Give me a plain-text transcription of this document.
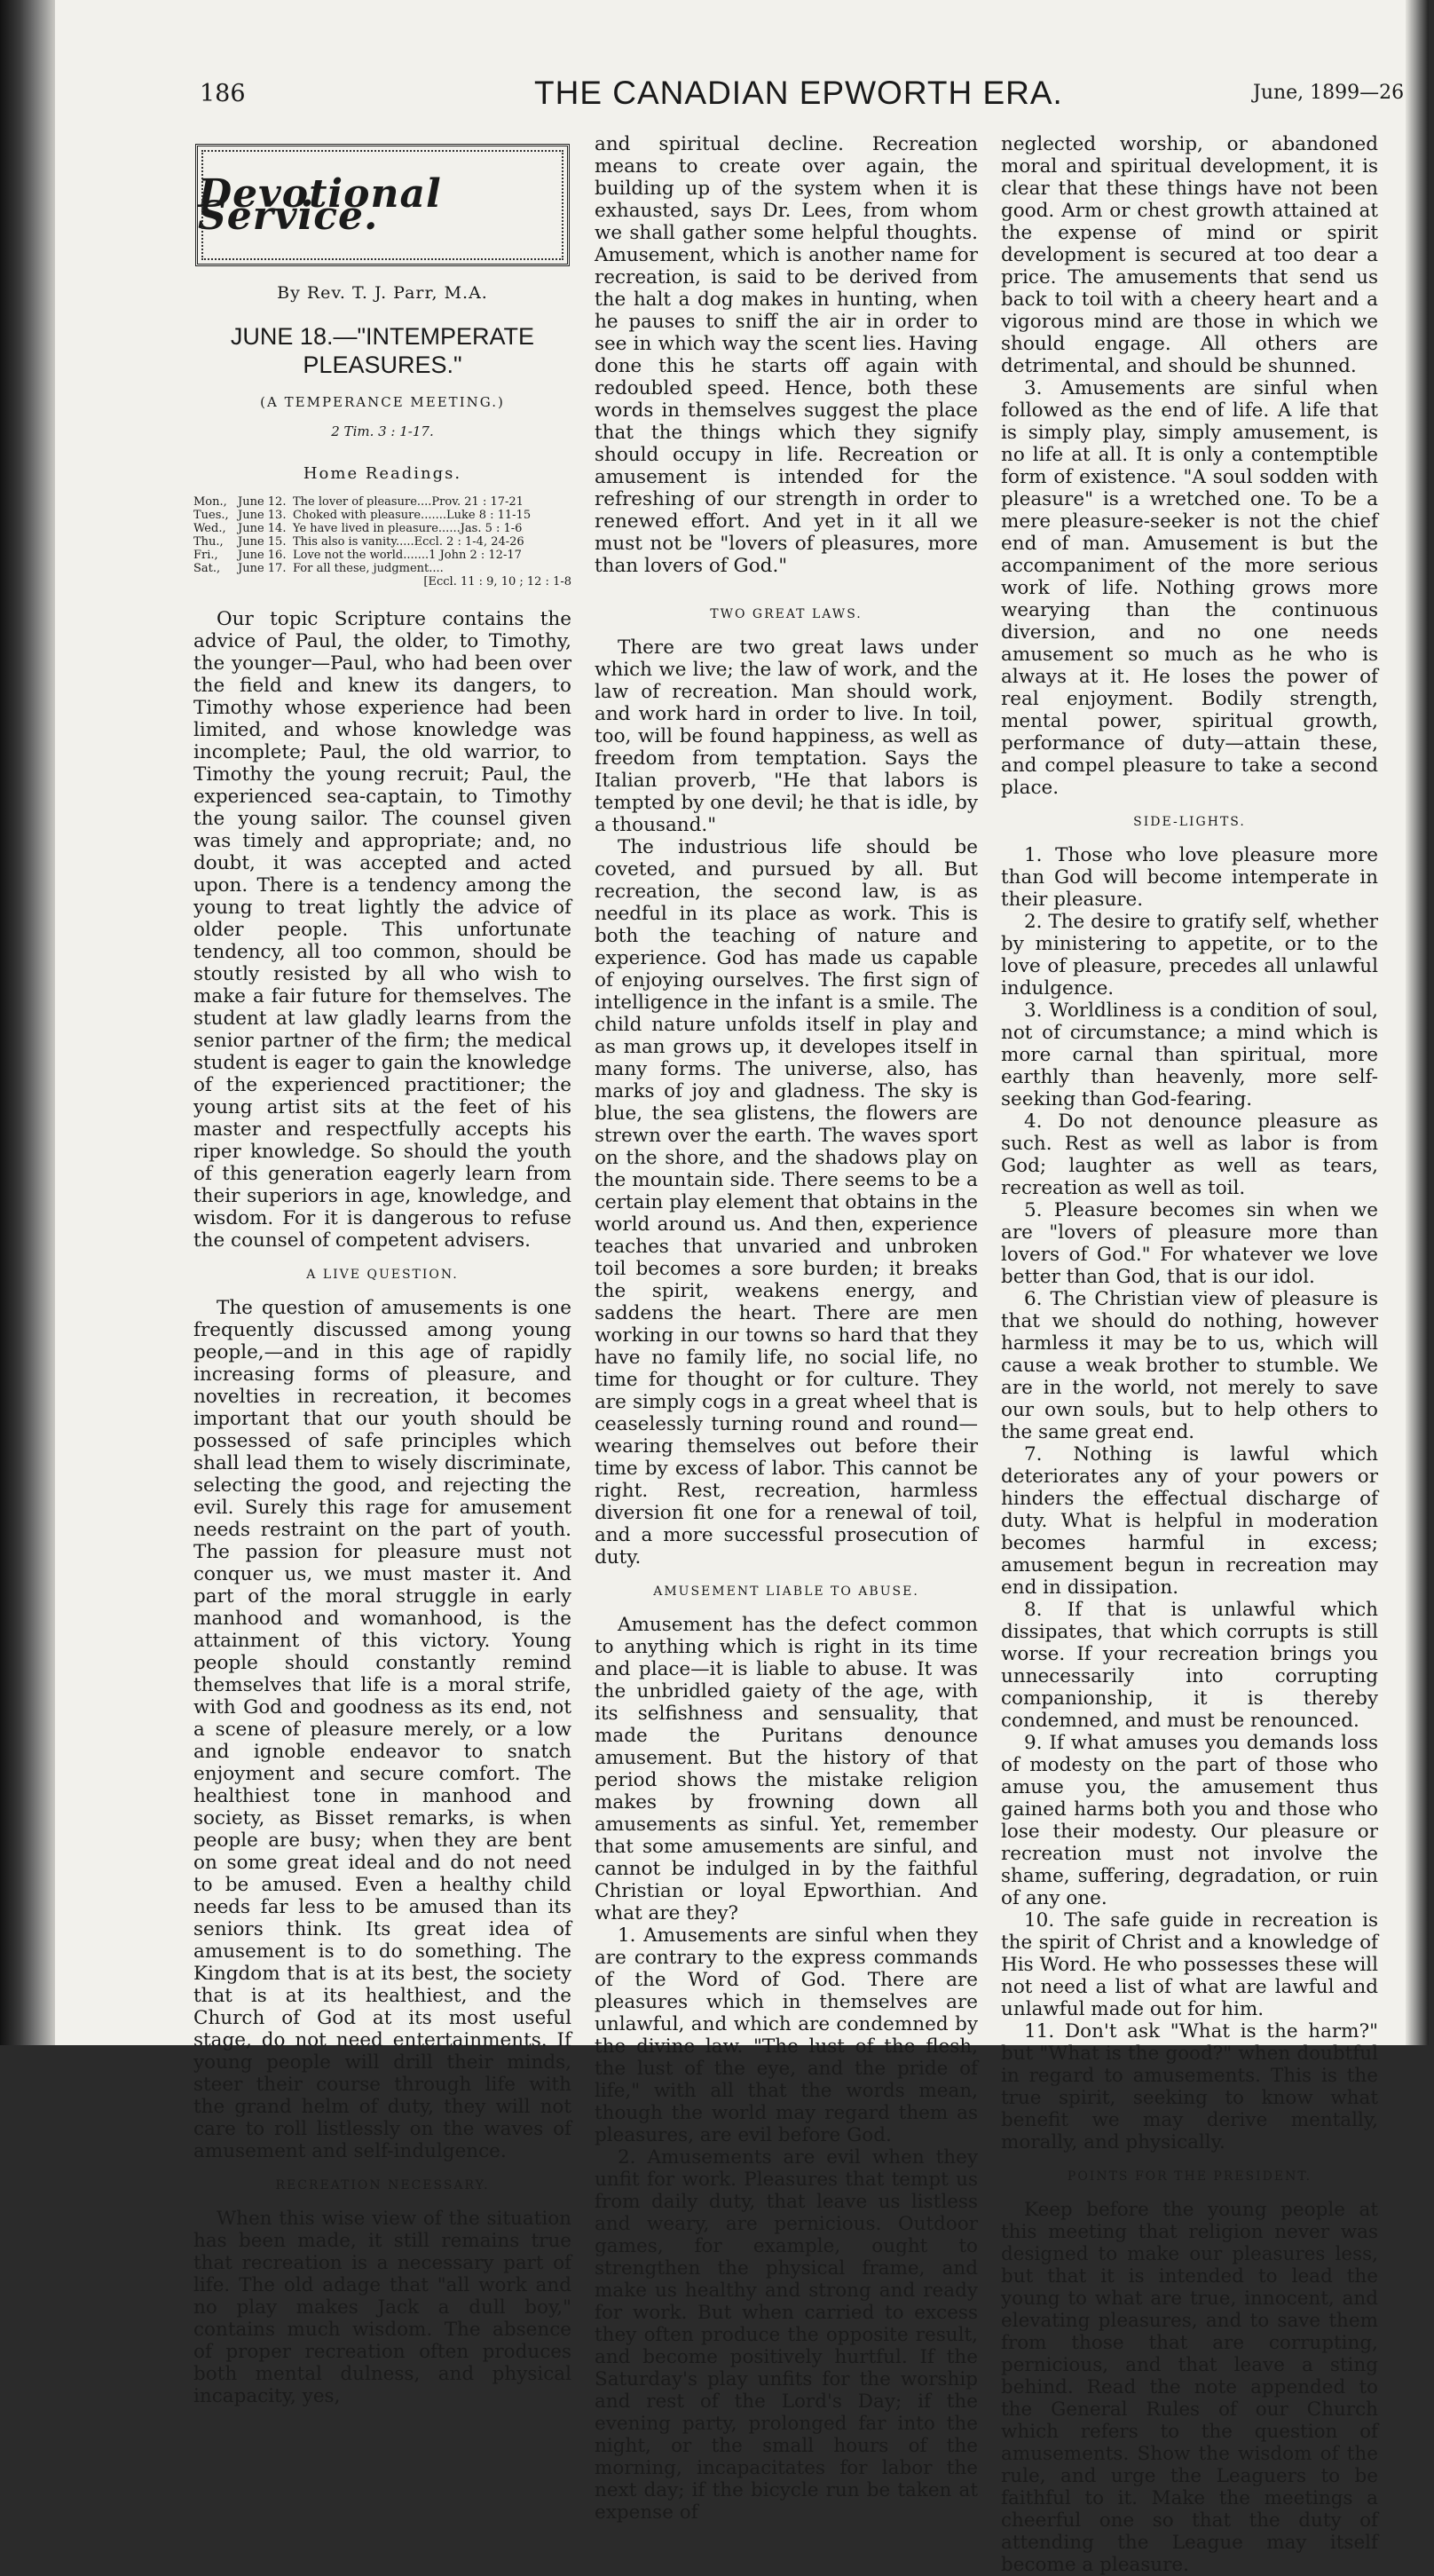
186	THE CANADIAN EPWORTH ERA.	June, 1899—26
Devotional Service.
By Rev. T. J. Parr, M.A.
JUNE 18.—"INTEMPERATE
PLEASURES."
(A TEMPERANCE MEETING.)
2 Tim. 3 : 1-17.
Home Readings.
Mon., June 12. The lover of pleasure....Prov. 21 : 17-21
Tues., June 13. Choked with pleasure.......Luke 8 : 11-15
Wed.,	June 14. Ye have lived in pleasure......Jas. 5 : 1-6
Thu.,	June 15. This also is vanity.....Eccl. 2 : 1-4, 24-26
Fri.,	June 16. Love not the world.......1 John 2 : 12-17
Sat.,	June 17. For all these, judgment....
[Eccl. 11 : 9, 10 ; 12 : 1-8

Our topic Scripture contains the advice of Paul, the older, to Timothy, the younger—Paul, who had been over the field and knew its dangers, to Timothy whose experience had been limited, and whose knowledge was incomplete; Paul, the old warrior, to Timothy the young recruit; Paul, the experienced sea-captain, to Timothy the young sailor. The counsel given was timely and appropriate; and, no doubt, it was accepted and acted upon. There is a tendency among the young to treat lightly the advice of older people. This unfortunate tendency, all too common, should be stoutly resisted by all who wish to make a fair future for themselves. The student at law gladly learns from the senior partner of the firm; the medical student is eager to gain the knowledge of the experienced practitioner; the young artist sits at the feet of his master and respectfully accepts his riper knowledge. So should the youth of this generation eagerly learn from their superiors in age, knowledge, and wisdom. For it is dangerous to refuse the counsel of competent advisers.

A LIVE QUESTION.

The question of amusements is one frequently discussed among young people,—and in this age of rapidly increasing forms of pleasure, and novelties in recreation, it becomes important that our youth should be possessed of safe principles which shall lead them to wisely discriminate, selecting the good, and rejecting the evil. Surely this rage for amusement needs restraint on the part of youth. The passion for pleasure must not conquer us, we must master it. And part of the moral struggle in early manhood and womanhood, is the attainment of this victory. Young people should constantly remind themselves that life is a moral strife, with God and goodness as its end, not a scene of pleasure merely, or a low and ignoble endeavor to snatch enjoyment and secure comfort. The healthiest tone in manhood and society, as Bisset remarks, is when people are busy; when they are bent on some great ideal and do not need to be amused. Even a healthy child needs far less to be amused than its seniors think. Its great idea of amusement is to do something. The Kingdom that is at its best, the society that is at its healthiest, and the Church of God at its most useful stage, do not need entertainments. If young people will drill their minds, steer their course through life with the grand helm of duty, they will not care to roll listlessly on the waves of amusement and self-indulgence.

RECREATION NECESSARY.

When this wise view of the situation has been made, it still remains true that recreation is a necessary part of life. The old adage that "all work and no play makes Jack a dull boy," contains much wisdom. The absence of proper recreation often produces both mental dulness, and physical incapacity, yes,

and spiritual decline. Recreation means to create over again, the building up of the system when it is exhausted, says Dr. Lees, from whom we shall gather some helpful thoughts. Amusement, which is another name for recreation, is said to be derived from the halt a dog makes in hunting, when he pauses to sniff the air in order to see in which way the scent lies. Having done this he starts off again with redoubled speed. Hence, both these words in themselves suggest the place that the things which they signify should occupy in life. Recreation or amusement is intended for the refreshing of our strength in order to renewed effort. And yet in it all we must not be "lovers of pleasures, more than lovers of God."

TWO GREAT LAWS.

There are two great laws under which we live; the law of work, and the law of recreation. Man should work, and work hard in order to live. In toil, too, will be found happiness, as well as freedom from temptation. Says the Italian proverb, "He that labors is tempted by one devil; he that is idle, by a thousand."

The industrious life should be coveted, and pursued by all. But recreation, the second law, is as needful in its place as work. This is both the teaching of nature and experience. God has made us capable of enjoying ourselves. The first sign of intelligence in the infant is a smile. The child nature unfolds itself in play and as man grows up, it developes itself in many forms. The universe, also, has marks of joy and gladness. The sky is blue, the sea glistens, the flowers are strewn over the earth. The waves sport on the shore, and the shadows play on the mountain side. There seems to be a certain play element that obtains in the world around us. And then, experience teaches that unvaried and unbroken toil becomes a sore burden; it breaks the spirit, weakens energy, and saddens the heart. There are men working in our towns so hard that they have no family life, no social life, no time for thought or for culture. They are simply cogs in a great wheel that is ceaselessly turning round and round—wearing themselves out before their time by excess of labor. This cannot be right. Rest, recreation, harmless diversion fit one for a renewal of toil, and a more successful prosecution of duty.

AMUSEMENT LIABLE TO ABUSE.

Amusement has the defect common to anything which is right in its time and place—it is liable to abuse. It was the unbridled gaiety of the age, with its selfishness and sensuality, that made the Puritans denounce amusement. But the history of that period shows the mistake religion makes by frowning down all amusements as sinful. Yet, remember that some amusements are sinful, and cannot be indulged in by the faithful Christian or loyal Epworthian. And what are they?

1. Amusements are sinful when they are contrary to the express commands of the Word of God. There are pleasures which in themselves are unlawful, and which are condemned by the divine law. "The lust of the flesh, the lust of the eye, and the pride of life," with all that the words mean, though the world may regard them as pleasures, are evil before God.

2. Amusements are evil when they unfit for work. Pleasures that tempt us from daily duty, that leave us listless and weary, are pernicious. Outdoor games, for example, ought to strengthen the physical frame, and make us healthy and strong and ready for work. But when carried to excess they often produce the opposite result, and become positively hurtful. If the Saturday's play unfits for the worship and rest of the Lord's Day; if the evening party, prolonged far into the night, or the small hours of the morning, incapacitates for labor the next day; if the bicycle run be taken at expense of

neglected worship, or abandoned moral and spiritual development, it is clear that these things have not been good. Arm or chest growth attained at the expense of mind or spirit development is secured at too dear a price. The amusements that send us back to toil with a cheery heart and a vigorous mind are those in which we should engage. All others are detrimental, and should be shunned.

3. Amusements are sinful when followed as the end of life. A life that is simply play, simply amusement, is no life at all. It is only a contemptible form of existence. "A soul sodden with pleasure" is a wretched one. To be a mere pleasure-seeker is not the chief end of man. Amusement is but the accompaniment of the more serious work of life. Nothing grows more wearying than the continuous diversion, and no one needs amusement so much as he who is always at it. He loses the power of real enjoyment. Bodily strength, mental power, spiritual growth, performance of duty—attain these, and compel pleasure to take a second place.

SIDE-LIGHTS.

1. Those who love pleasure more than God will become intemperate in their pleasure.

2. The desire to gratify self, whether by ministering to appetite, or to the love of pleasure, precedes all unlawful indulgence.

3. Worldliness is a condition of soul, not of circumstance; a mind which is more carnal than spiritual, more earthly than heavenly, more self-seeking than God-fearing.

4. Do not denounce pleasure as such. Rest as well as labor is from God; laughter as well as tears, recreation as well as toil.

5. Pleasure becomes sin when we are "lovers of pleasure more than lovers of God." For whatever we love better than God, that is our idol.

6. The Christian view of pleasure is that we should do nothing, however harmless it may be to us, which will cause a weak brother to stumble. We are in the world, not merely to save our own souls, but to help others to the same great end.

7. Nothing is lawful which deteriorates any of your powers or hinders the effectual discharge of duty. What is helpful in moderation becomes harmful in excess; amusement begun in recreation may end in dissipation.

8. If that is unlawful which dissipates, that which corrupts is still worse. If your recreation brings you unnecessarily into corrupting companionship, it is thereby condemned, and must be renounced.

9. If what amuses you demands loss of modesty on the part of those who amuse you, the amusement thus gained harms both you and those who lose their modesty. Our pleasure or recreation must not involve the shame, suffering, degradation, or ruin of any one.

10. The safe guide in recreation is the spirit of Christ and a knowledge of His Word. He who possesses these will not need a list of what are lawful and unlawful made out for him.

11. Don't ask "What is the harm?" but "What is the good?" when doubtful in regard to amusements. This is the true spirit, seeking to know what benefit we may derive mentally, morally, and physically.

POINTS FOR THE PRESIDENT.

Keep before the young people at this meeting that religion never was designed to make our pleasures less, but that it is intended to lead the young to what are true, innocent, and elevating pleasures, and to save them from those that are corrupting, pernicious, and that leave a sting behind. Read the note appended to the General Rules of our Church which refers to the question of amusements. Show the wisdom of the rule, and urge the Leaguers to be faithful to it. Make the meetings a cheerful one so that the duty of attending the League may itself become a pleasure.
